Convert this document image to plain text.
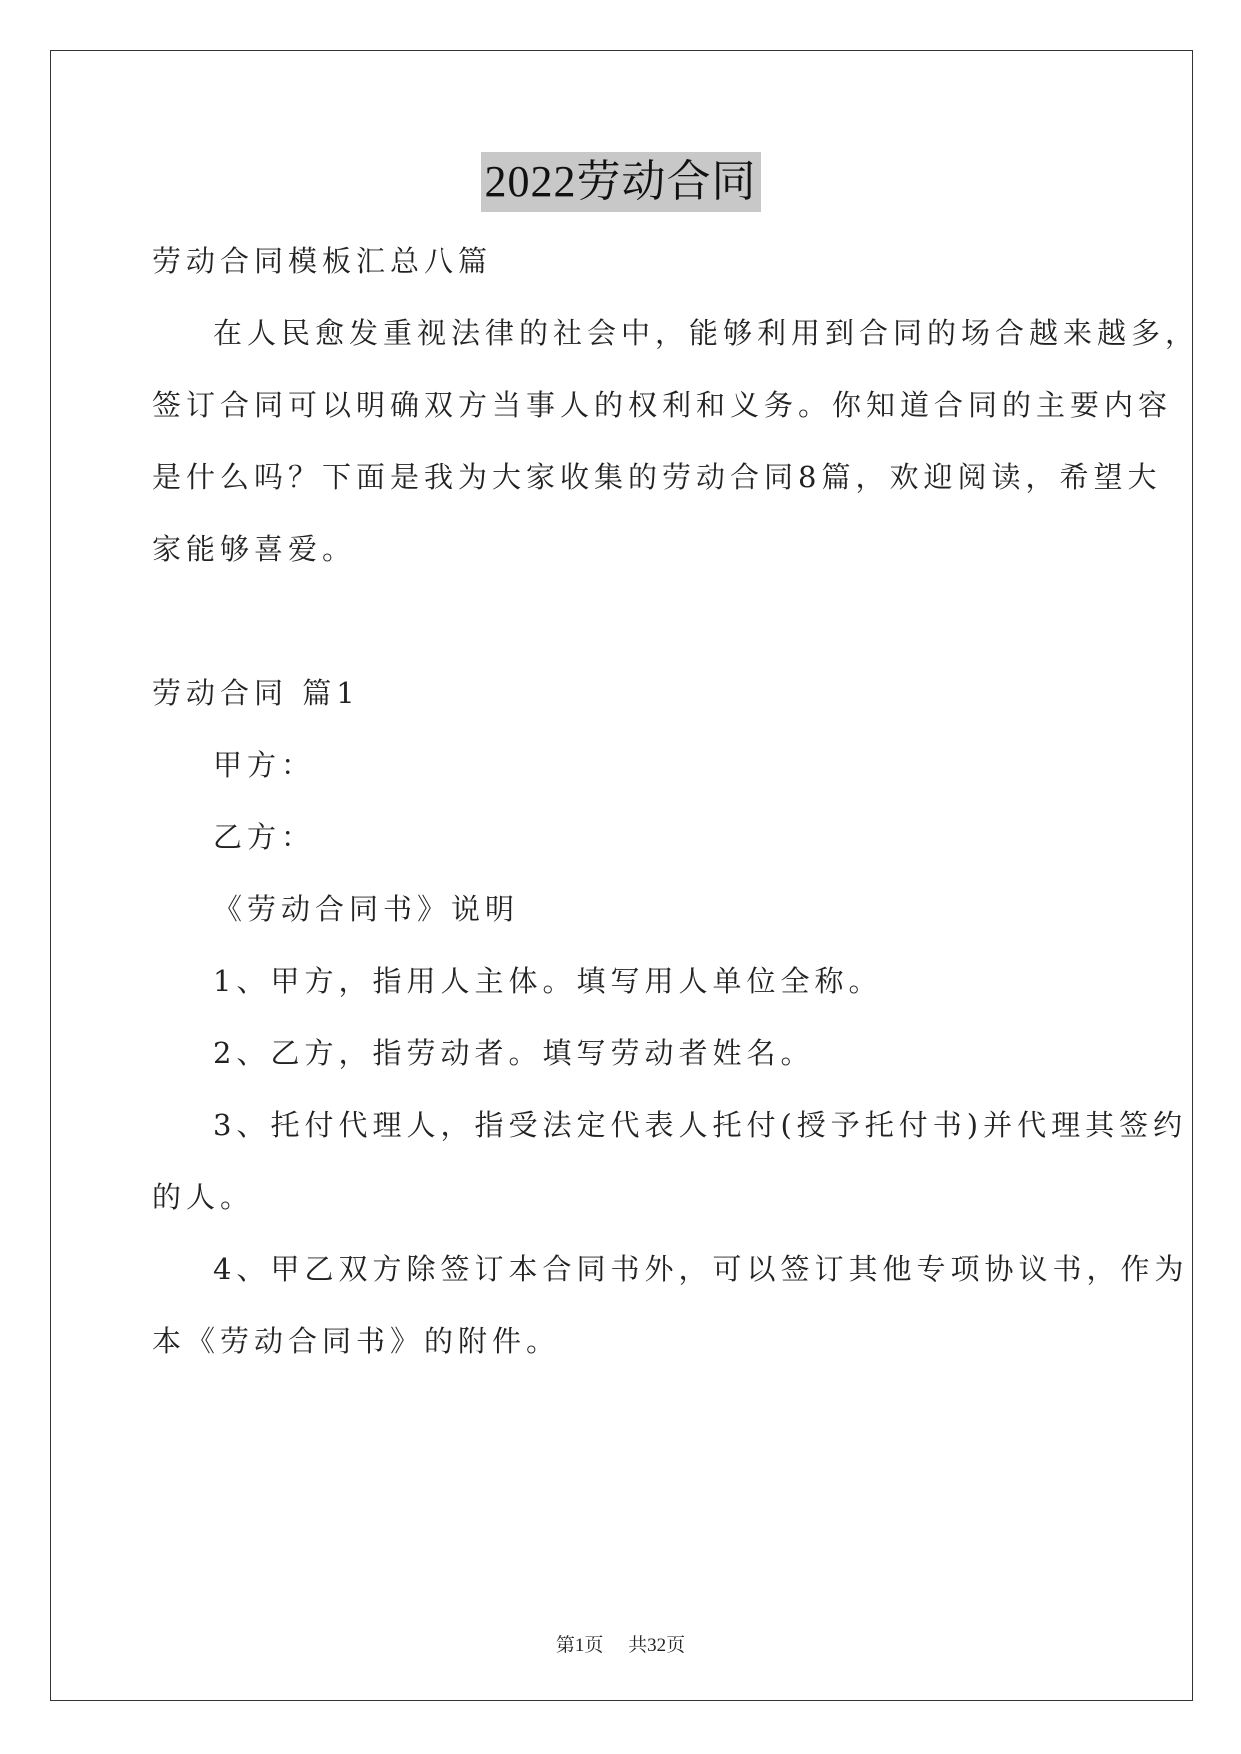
2022劳动合同

劳动合同模板汇总八篇

在人民愈发重视法律的社会中，能够利用到合同的场合越来越多，

签订合同可以明确双方当事人的权利和义务。你知道合同的主要内容

是什么吗？下面是我为大家收集的劳动合同8篇，欢迎阅读，希望大

家能够喜爱。

劳动合同 篇1

甲方：

乙方：

《劳动合同书》说明

1、甲方，指用人主体。填写用人单位全称。

2、乙方，指劳动者。填写劳动者姓名。

3、托付代理人，指受法定代表人托付(授予托付书)并代理其签约

的人。

4、甲乙双方除签订本合同书外，可以签订其他专项协议书，作为

本《劳动合同书》的附件。

第1页 共32页
